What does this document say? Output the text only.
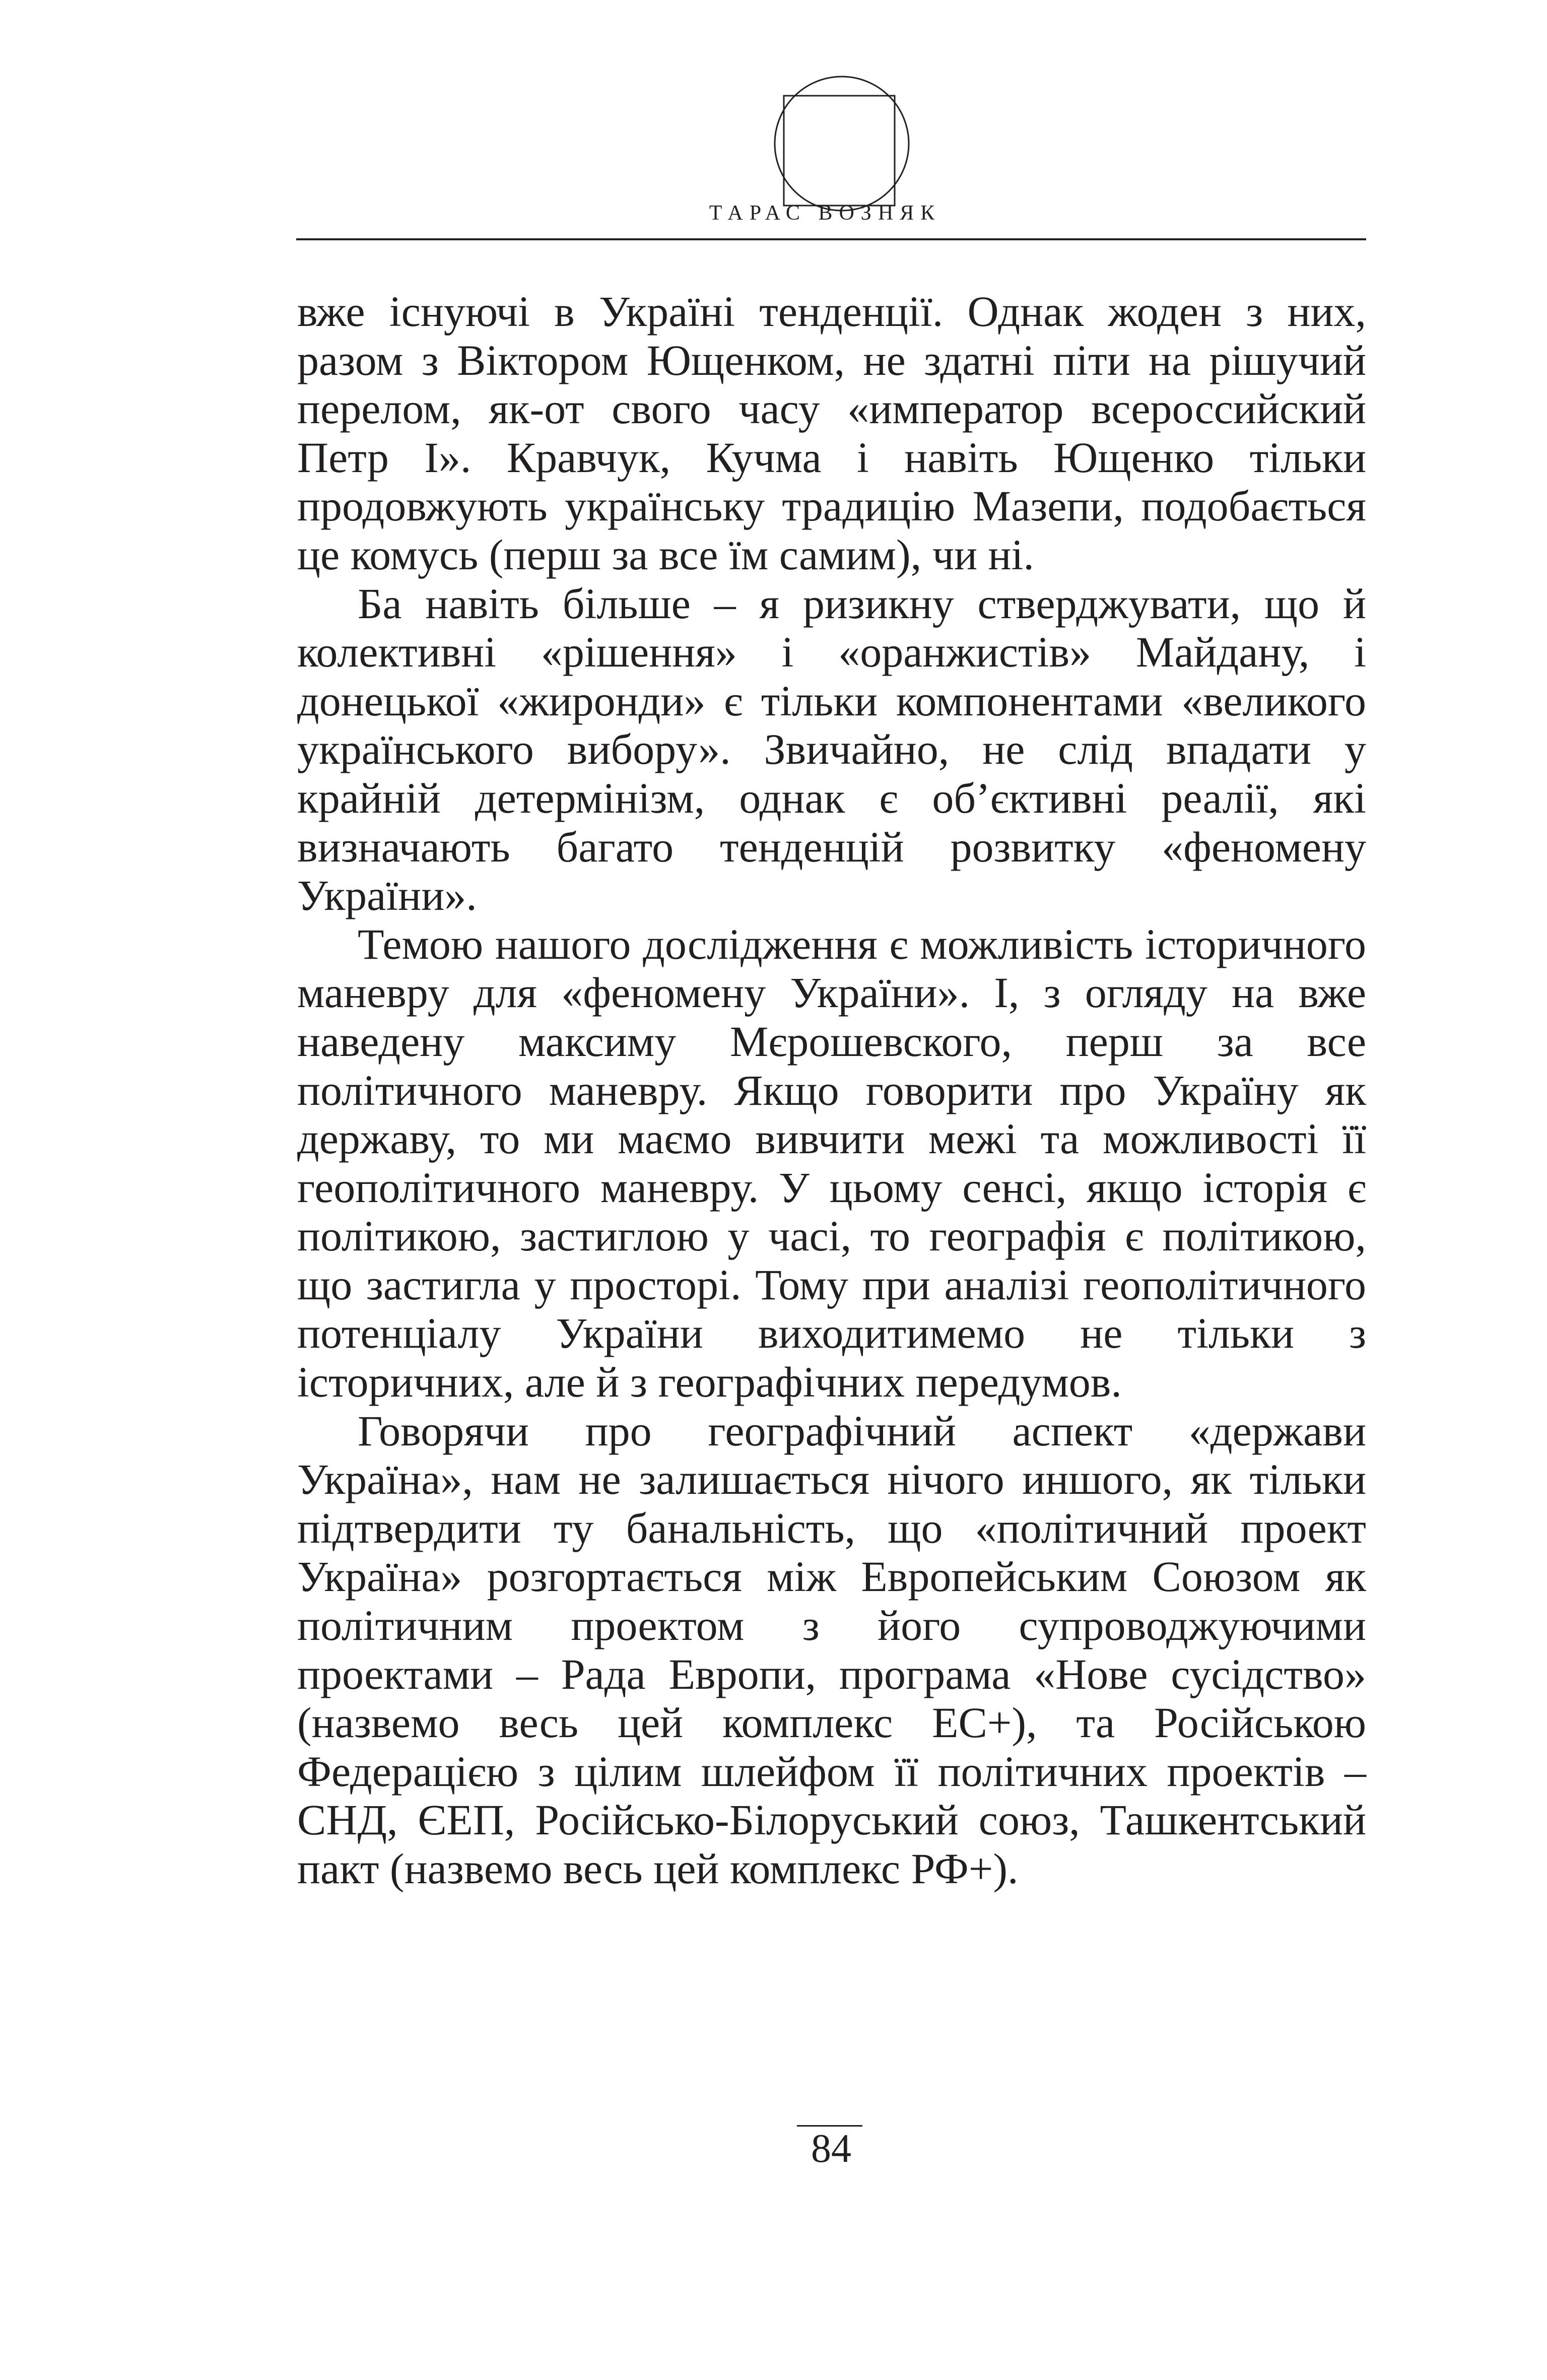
ТАРАС ВОЗНЯК

вже існуючі в Україні тенденції. Однак жоден з них, разом з Віктором Ющенком, не здатні піти на рішучий перелом, як-от свого часу «император всероссийский Петр I». Кравчук, Кучма і навіть Ющенко тільки продовжують українську традицію Мазепи, подобається це комусь (перш за все їм самим), чи ні.

Ба навіть більше – я ризикну стверджувати, що й колективні «рішення» і «оранжистів» Майдану, і донецької «жиронди» є тільки компонентами «великого українського вибору». Звичайно, не слід впадати у крайній детермінізм, однак є об’єктивні реалії, які визначають багато тенденцій розвитку «феномену України».

Темою нашого дослідження є можливість історичного маневру для «феномену України». І, з огляду на вже наведену максиму Мєрошевского, перш за все політичного маневру. Якщо говорити про Україну як державу, то ми маємо вивчити межі та можливості її геополітичного маневру. У цьому сенсі, якщо історія є політикою, застиглою у часі, то географія є політикою, що застигла у просторі. Тому при аналізі геополітичного потенціалу України виходитимемо не тільки з історичних, але й з географічних передумов.

Говорячи про географічний аспект «держави Україна», нам не залишається нічого иншого, як тільки підтвердити ту банальність, що «політичний проект Україна» розгортається між Европейським Союзом як політичним проектом з його супроводжуючими проектами – Рада Европи, програма «Нове сусідство» (назвемо весь цей комплекс ЕС+), та Російською Федерацією з цілим шлейфом її політичних проектів – СНД, ЄЕП, Російсько-Білоруський союз, Ташкентський пакт (назвемо весь цей комплекс РФ+).

84
